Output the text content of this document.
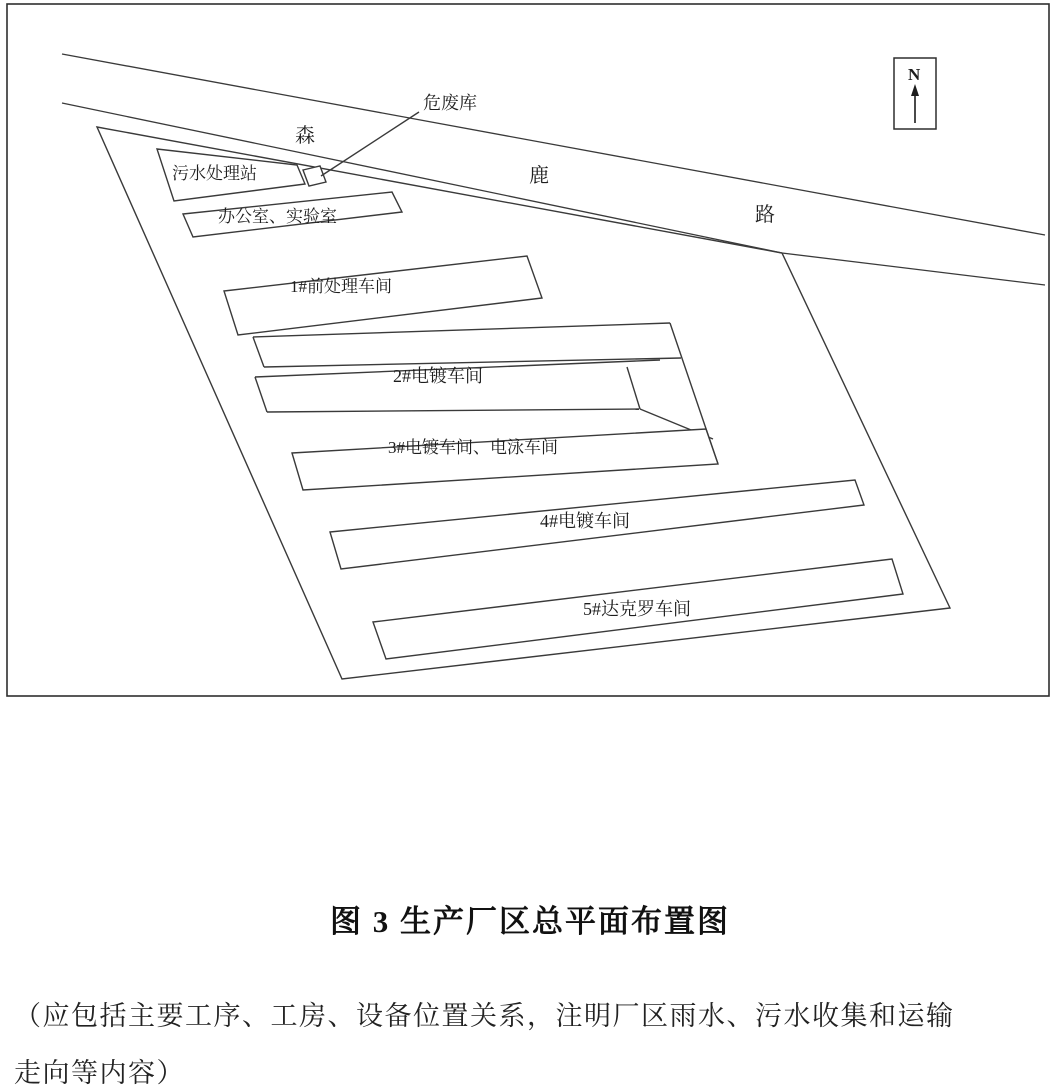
森
鹿
路
污水处理站
危废库
办公室、实验室
1#前处理车间
2#电镀车间
3#电镀车间、电泳车间
4#电镀车间
5#达克罗车间
N
图 3 生产厂区总平面布置图
（应包括主要工序、工房、设备位置关系，注明厂区雨水、污水收集和运输
走向等内容）
